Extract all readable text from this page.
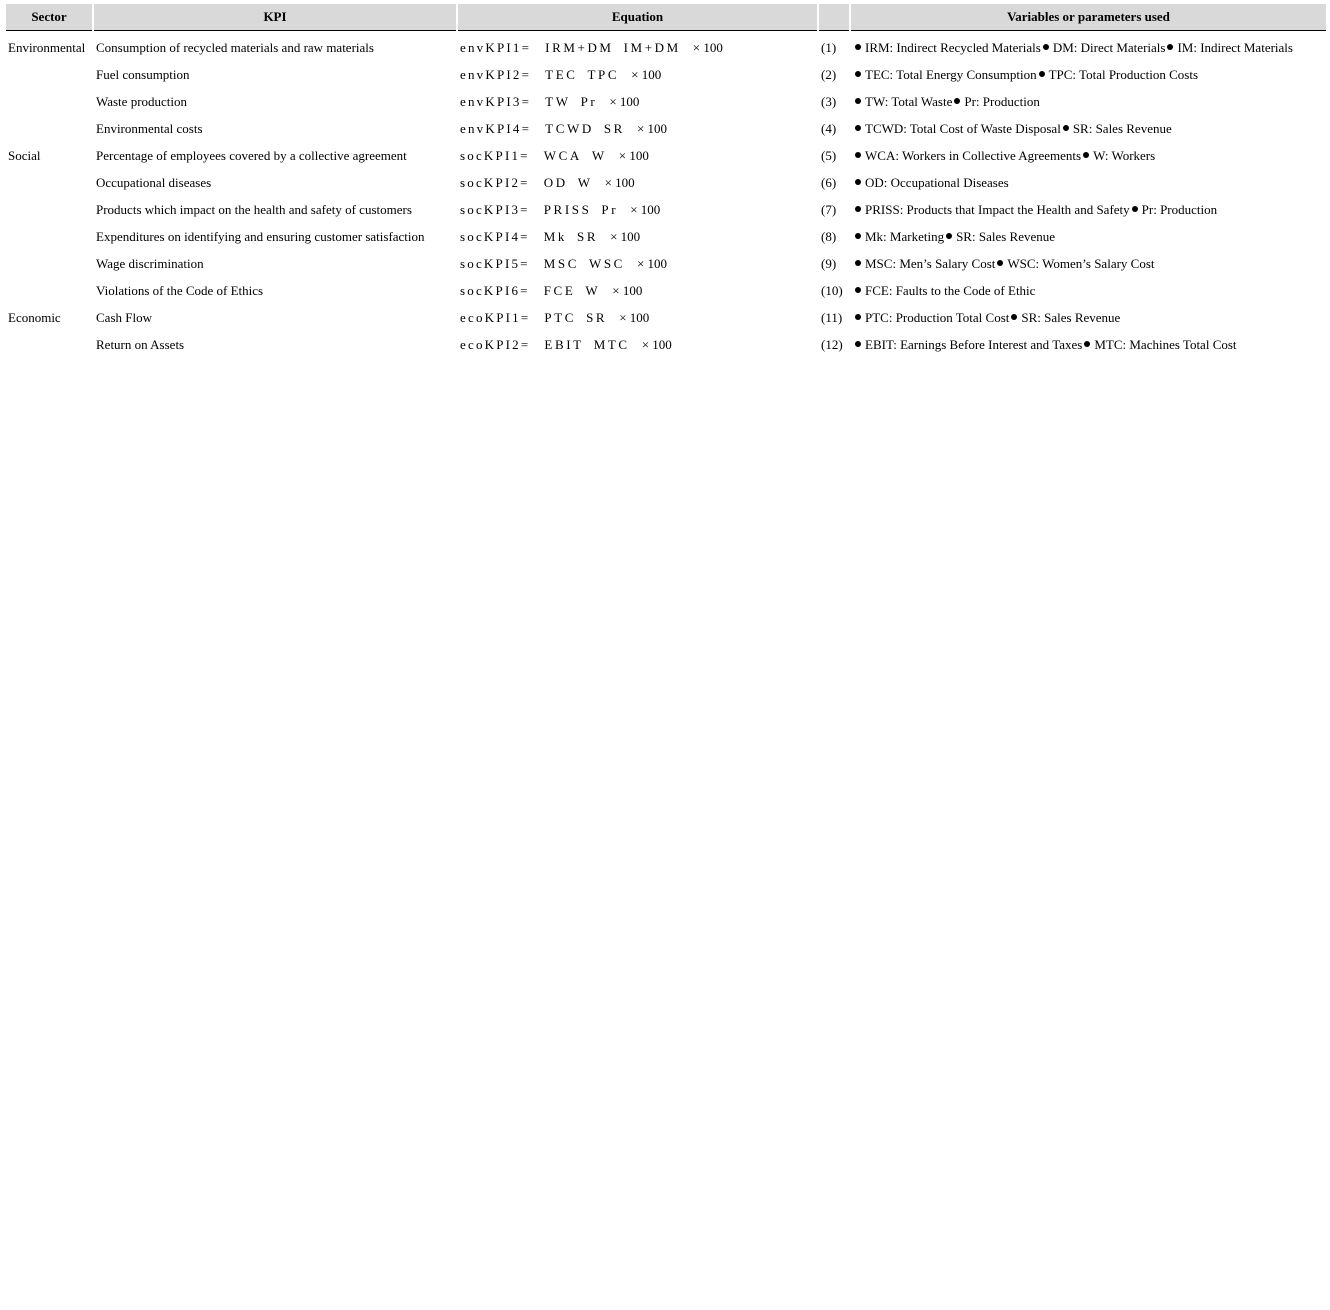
Sector	KPI	Equation		Variables or parameters used
Environmental	Consumption of recycled materials and raw materials	envKPI1= IRM+DM IM+DM × 100	(1)	IRM: Indirect Recycled Materials DM: Direct Materials IM: Indirect Materials
	Fuel consumption	envKPI2= TEC TPC × 100	(2)	TEC: Total Energy Consumption TPC: Total Production Costs
	Waste production	envKPI3= TW Pr × 100	(3)	TW: Total Waste Pr: Production
	Environmental costs	envKPI4= TCWD SR × 100	(4)	TCWD: Total Cost of Waste Disposal SR: Sales Revenue
Social	Percentage of employees covered by a collective agreement	socKPI1= WCA W × 100	(5)	WCA: Workers in Collective Agreements W: Workers
	Occupational diseases	socKPI2= OD W × 100	(6)	OD: Occupational Diseases
	Products which impact on the health and safety of customers	socKPI3= PRISS Pr × 100	(7)	PRISS: Products that Impact the Health and Safety Pr: Production
	Expenditures on identifying and ensuring customer satisfaction	socKPI4= Mk SR × 100	(8)	Mk: Marketing SR: Sales Revenue
	Wage discrimination	socKPI5= MSC WSC × 100	(9)	MSC: Men’s Salary Cost WSC: Women’s Salary Cost
	Violations of the Code of Ethics	socKPI6= FCE W × 100	(10)	FCE: Faults to the Code of Ethic
Economic	Cash Flow	ecoKPI1= PTC SR × 100	(11)	PTC: Production Total Cost SR: Sales Revenue
	Return on Assets	ecoKPI2= EBIT MTC × 100	(12)	EBIT: Earnings Before Interest and Taxes MTC: Machines Total Cost
